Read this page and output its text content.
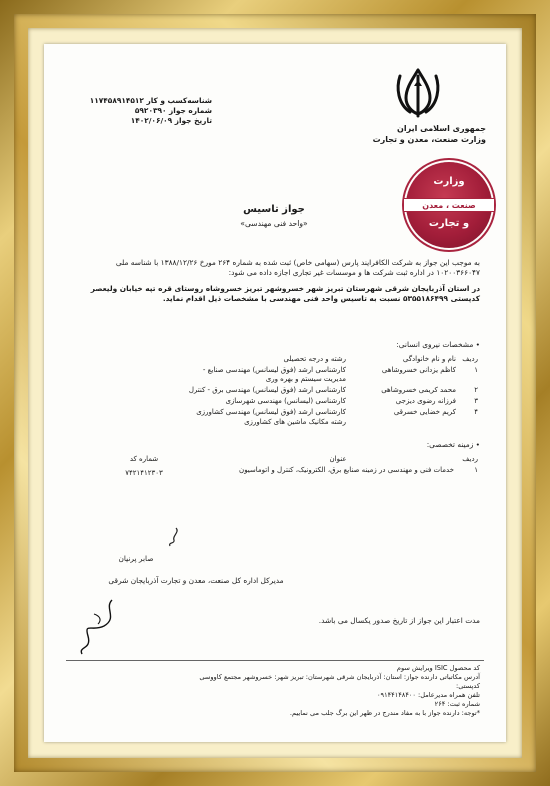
جمهوری اسلامی ایران
وزارت صنعت، معدن و تجارت
شناسه‌کسب و کار ۱۱۷۴۵۸۹۱۴۵۱۲
شماره جواز ۵۹۲۰۳۹۰
تاریخ جواز ۱۴۰۲/۰۶/۰۹
وزارت
صنعت ، معدن
و تجارت
جواز تاسیس
«واحد فنی مهندسی»

به موجب این جواز به شرکت الکافرایند پارس (سهامی خاص) ثبت شده به شماره ۲۶۴ مورخ ۱۳۸۸/۱۲/۲۶ با شناسه ملی ۱۰۲۰۰۳۶۶۰۴۷ در اداره ثبت شرکت ها و موسسات غیر تجاری اجازه داده می شود:

در استان آذربایجان شرقی شهرستان تبریز شهر خسروشهر تبریز خسروشاه روستای قره تپه خیابان ولیعصر کدپستی ۵۳۵۵۱۸۶۴۹۹ نسبت به تاسیس واحد فنی مهندسی با مشخصات ذیل اقدام نماید.

• مشخصات نیروی انسانی:
ردیف	نام و نام خانوادگی	رشته و درجه تحصیلی
۱	کاظم یزدانی خسروشاهی	کارشناسی ارشد (فوق لیسانس) مهندسی صنایع - مدیریت سیستم و بهره وری
۲	محمد کریمی خسروشاهی	کارشناسی ارشد (فوق لیسانس) مهندسی برق - کنترل
۳	فرزانه رضوی دیزجی	کارشناسی (لیسانس) مهندسی شهرسازی
۴	کریم خضایی خسرقی	کارشناسی ارشد (فوق لیسانس) مهندسی کشاورزی رشته مکانیک ماشین های کشاورزی
• زمینه تخصصی:
ردیف	عنوان	شماره کد
۱	خدمات فنی و مهندسی در زمینه صنایع برق، الکترونیک، کنترل و اتوماسیون	۷۴۲۱۴۱۲۳۰۳
صابر پرنیان
مدیرکل اداره کل صنعت، معدن و تجارت آذربایجان شرقی
مدت اعتبار این جواز از تاریخ صدور یکسال می باشد.
کد محصول ISIC ویرایش سوم
آدرس مکاتباتی دارنده جواز: استان: آذربایجان شرقی شهرستان: تبریز شهر: خسروشهر مجتمع کاووسی
کدپستی:
تلفن همراه مدیرعامل: ۰۹۱۴۴۱۴۸۴۰۰
شماره ثبت: ۲۶۴
*توجه: دارنده جواز با به مفاد مندرج در ظهر این برگ جلب می نماییم.
